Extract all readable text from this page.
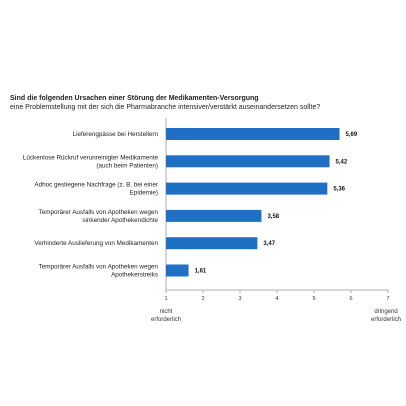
Sind die folgenden Ursachen einer Störung der Medikamenten-Versorgung
eine Problemstellung mit der sich die Pharmabranche intensiver/verstärkt auseinandersetzen sollte?
1	2	3	4	5	6	7
nicht
erforderlich
dringend
erforderlich
5,69
Lieferengpässe bei Herstellern
5,42
Lückenlose Rückruf verunreinigter Medikamente
(auch beim Patienten)
5,36
Adhoc gestiegene Nachfrage (z. B. bei einer
Epidemie)
3,58
Temporärer Ausfalls von Apotheken wegen
sinkender Apothekendichte
3,47
Verhinderte Auslieferung von Medikamenten
1,61
Temporärer Ausfalls von Apotheken wegen
Apothekerstreiks
